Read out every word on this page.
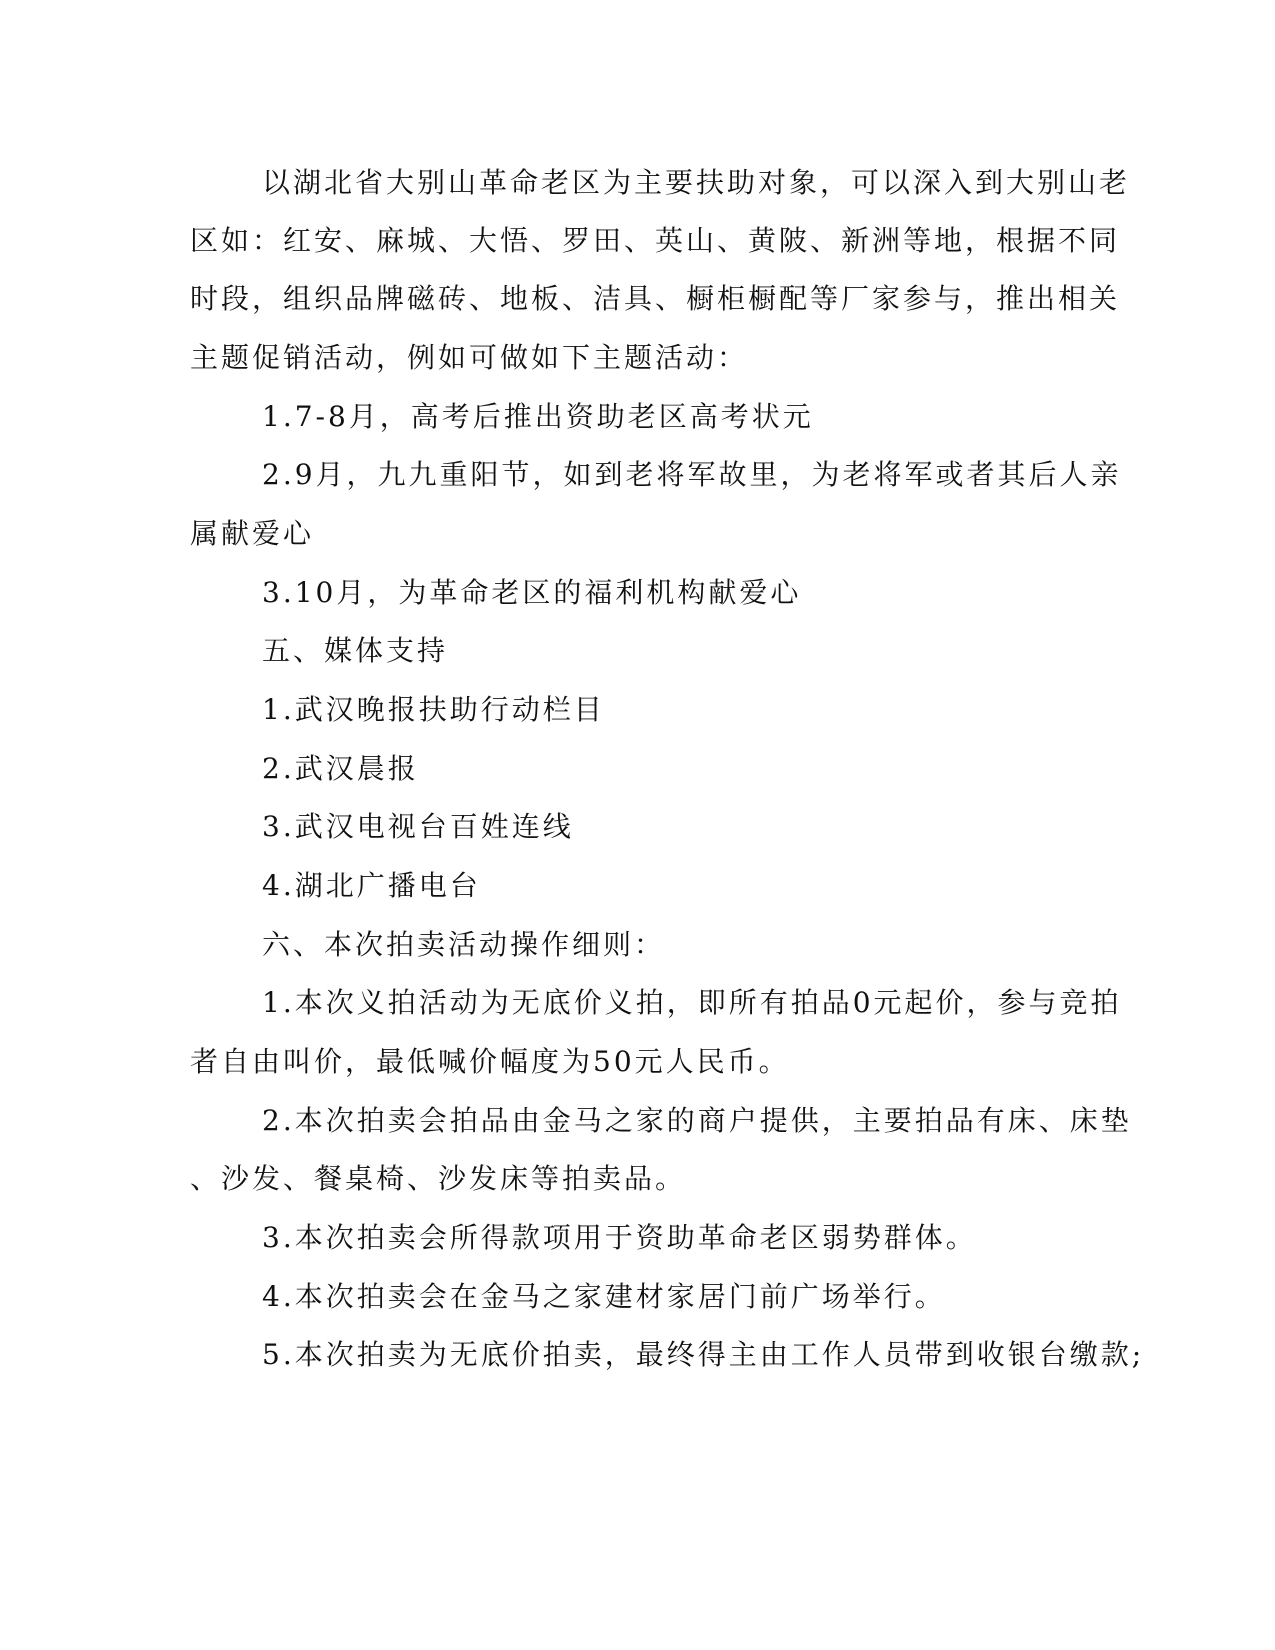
以湖北省大别山革命老区为主要扶助对象，可以深入到大别山老

区如：红安、麻城、大悟、罗田、英山、黄陂、新洲等地，根据不同

时段，组织品牌磁砖、地板、洁具、橱柜橱配等厂家参与，推出相关

主题促销活动，例如可做如下主题活动：

1.7-8月，高考后推出资助老区高考状元

2.9月，九九重阳节，如到老将军故里，为老将军或者其后人亲

属献爱心

3.10月，为革命老区的福利机构献爱心

五、媒体支持

1.武汉晚报扶助行动栏目

2.武汉晨报

3.武汉电视台百姓连线

4.湖北广播电台

六、本次拍卖活动操作细则：

1.本次义拍活动为无底价义拍，即所有拍品0元起价，参与竞拍

者自由叫价，最低喊价幅度为50元人民币。

2.本次拍卖会拍品由金马之家的商户提供，主要拍品有床、床垫

、沙发、餐桌椅、沙发床等拍卖品。

3.本次拍卖会所得款项用于资助革命老区弱势群体。

4.本次拍卖会在金马之家建材家居门前广场举行。

5.本次拍卖为无底价拍卖，最终得主由工作人员带到收银台缴款;
